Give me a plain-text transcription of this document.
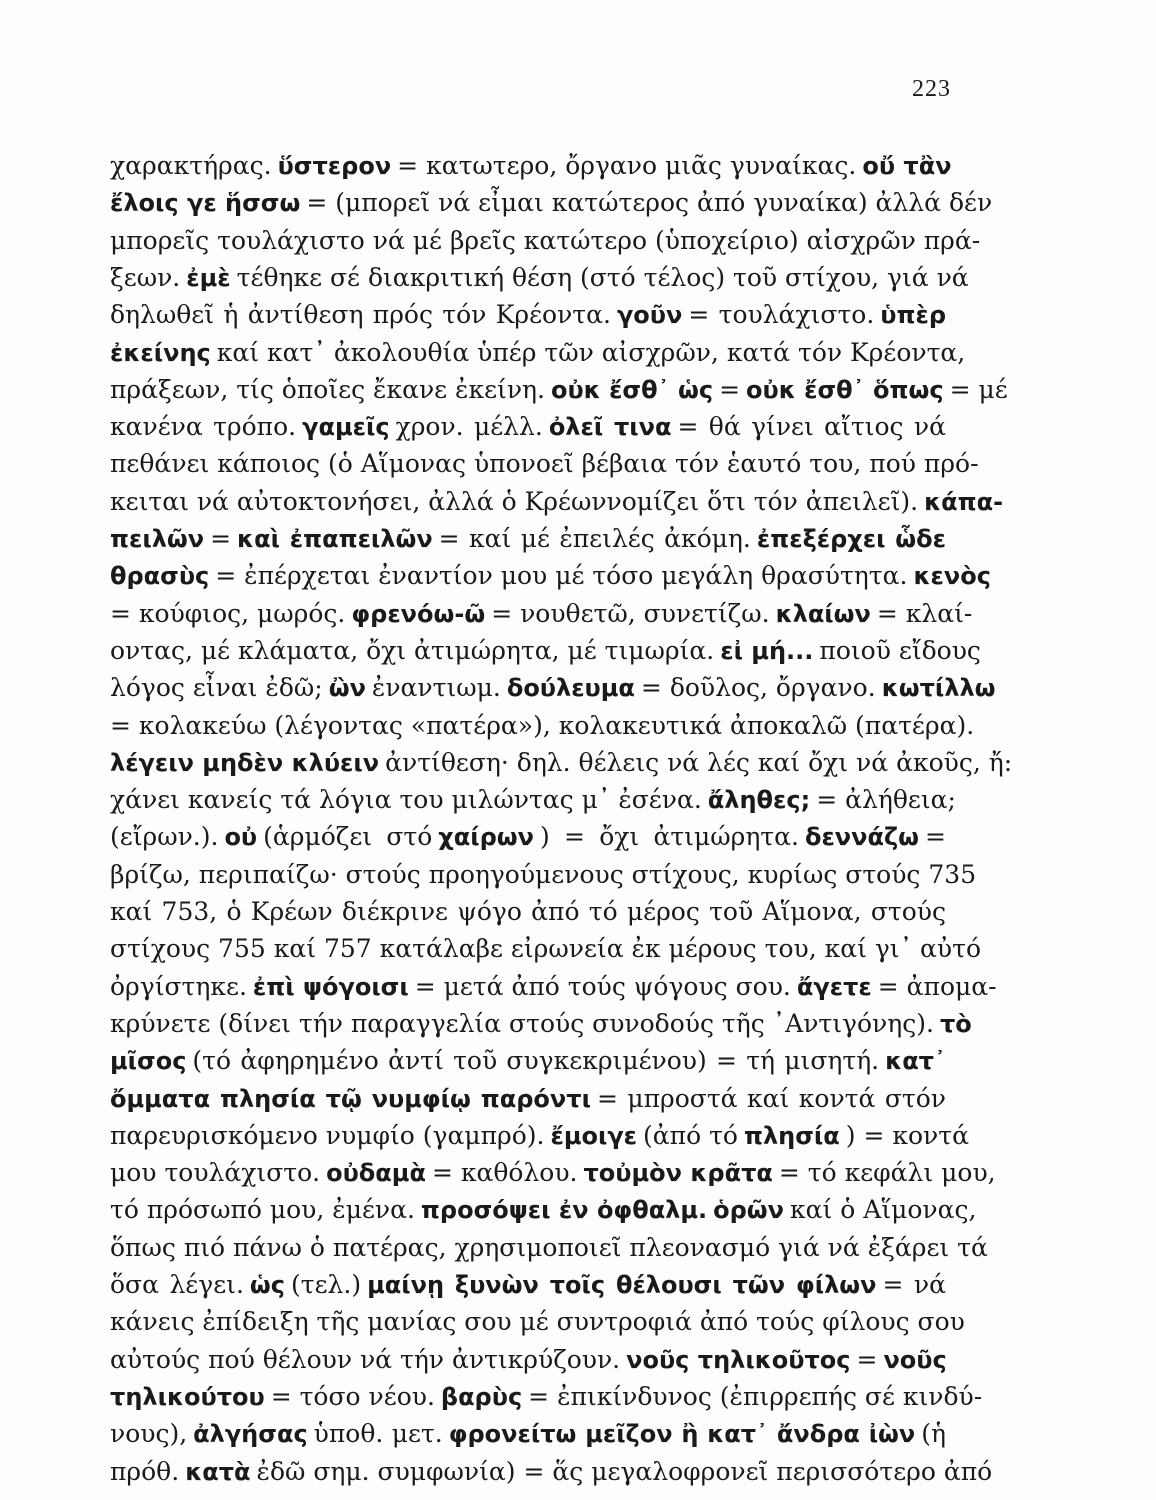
223
χαρακτήρας. ὕστερον = κατωτερο, ὄργανο μιᾶς γυναίκας. οὔ τἂν
ἔλοις γε ἥσσω = (μπορεῖ νά εἶμαι κατώτερος ἀπό γυναίκα) ἀλλά δέν
μπορεῖς τουλάχιστο νά μέ βρεῖς κατώτερο (ὑποχείριο) αἰσχρῶν πρά-
ξεων. ἐμὲ τέθηκε σέ διακριτική θέση (στό τέλος) τοῦ στίχου, γιά νά
δηλωθεῖ ἡ ἀντίθεση πρός τόν Κρέοντα. γοῦν = τουλάχιστο. ὑπὲρ
ἐκείνης καί κατ᾽ ἀκολουθία ὑπέρ τῶν αἰσχρῶν, κατά τόν Κρέοντα,
πράξεων, τίς ὁποῖες ἔκανε ἐκείνη. οὐκ ἔσθ᾽ ὡς = οὐκ ἔσθ᾽ ὅπως = μέ
κανένα τρόπο. γαμεῖς χρον. μέλλ. ὀλεῖ τινα = θά γίνει αἴτιος νά
πεθάνει κάποιος (ὁ Αἵμονας ὑπονοεῖ βέβαια τόν ἑαυτό του, πού πρό-
κειται νά αὐτοκτονήσει, ἀλλά ὁ Κρέωννομίζει ὅτι τόν ἀπειλεῖ). κάπα-
πειλῶν = καὶ ἐπαπειλῶν = καί μέ ἐπειλές ἀκόμη. ἐπεξέρχει ὧδε
θρασὺς = ἐπέρχεται ἐναντίον μου μέ τόσο μεγάλη θρασύτητα. κενὸς
= κούφιος, μωρός. φρενόω-ῶ = νουθετῶ, συνετίζω. κλαίων = κλαί-
οντας, μέ κλάματα, ὄχι ἀτιμώρητα, μέ τιμωρία. εἰ μή... ποιοῦ εἴδους
λόγος εἶναι ἐδῶ; ὢν ἐναντιωμ. δούλευμα = δοῦλος, ὄργανο. κωτίλλω
= κολακεύω (λέγοντας «πατέρα»), κολακευτικά ἀποκαλῶ (πατέρα).
λέγειν μηδὲν κλύειν ἀντίθεση· δηλ. θέλεις νά λές καί ὄχι νά ἀκοῦς, ἤ:
χάνει κανείς τά λόγια του μιλώντας μ᾽ ἐσένα. ἄληθες; = ἀλήθεια;
(εἴρων.). οὐ (ἁρμόζει στό χαίρων ) = ὄχι ἀτιμώρητα. δεννάζω =
βρίζω, περιπαίζω· στούς προηγούμενους στίχους, κυρίως στούς 735
καί 753, ὁ Κρέων διέκρινε ψόγο ἀπό τό μέρος τοῦ Αἵμονα, στούς
στίχους 755 καί 757 κατάλαβε εἰρωνεία ἐκ μέρους του, καί γι᾽ αὐτό
ὀργίστηκε. ἐπὶ ψόγοισι = μετά ἀπό τούς ψόγους σου. ἄγετε = ἀπομα-
κρύνετε (δίνει τήν παραγγελία στούς συνοδούς τῆς ᾽Αντιγόνης). τὸ
μῖσος (τό ἀφηρημένο ἀντί τοῦ συγκεκριμένου) = τή μισητή. κατ᾽
ὄμματα πλησία τῷ νυμφίῳ παρόντι = μπροστά καί κοντά στόν
παρευρισκόμενο νυμφίο (γαμπρό). ἔμοιγε (ἀπό τό πλησία ) = κοντά
μου τουλάχιστο. οὐδαμὰ = καθόλου. τοὐμὸν κρᾶτα = τό κεφάλι μου,
τό πρόσωπό μου, ἐμένα. προσόψει ἐν ὀφθαλμ. ὁρῶν καί ὁ Αἵμονας,
ὅπως πιό πάνω ὁ πατέρας, χρησιμοποιεῖ πλεονασμό γιά νά ἐξάρει τά
ὅσα λέγει. ὡς (τελ.) μαίνῃ ξυνὼν τοῖς θέλουσι τῶν φίλων = νά
κάνεις ἐπίδειξη τῆς μανίας σου μέ συντροφιά ἀπό τούς φίλους σου
αὐτούς πού θέλουν νά τήν ἀντικρύζουν. νοῦς τηλικοῦτος = νοῦς
τηλικούτου = τόσο νέου. βαρὺς = ἐπικίνδυνος (ἐπιρρεπής σέ κινδύ-
νους), ἀλγήσας ὑποθ. μετ. φρονείτω μεῖζον ἢ κατ᾽ ἄνδρα ἰὼν (ἡ
πρόθ. κατὰ ἐδῶ σημ. συμφωνία) = ἅς μεγαλοφρονεῖ περισσότερο ἀπό
